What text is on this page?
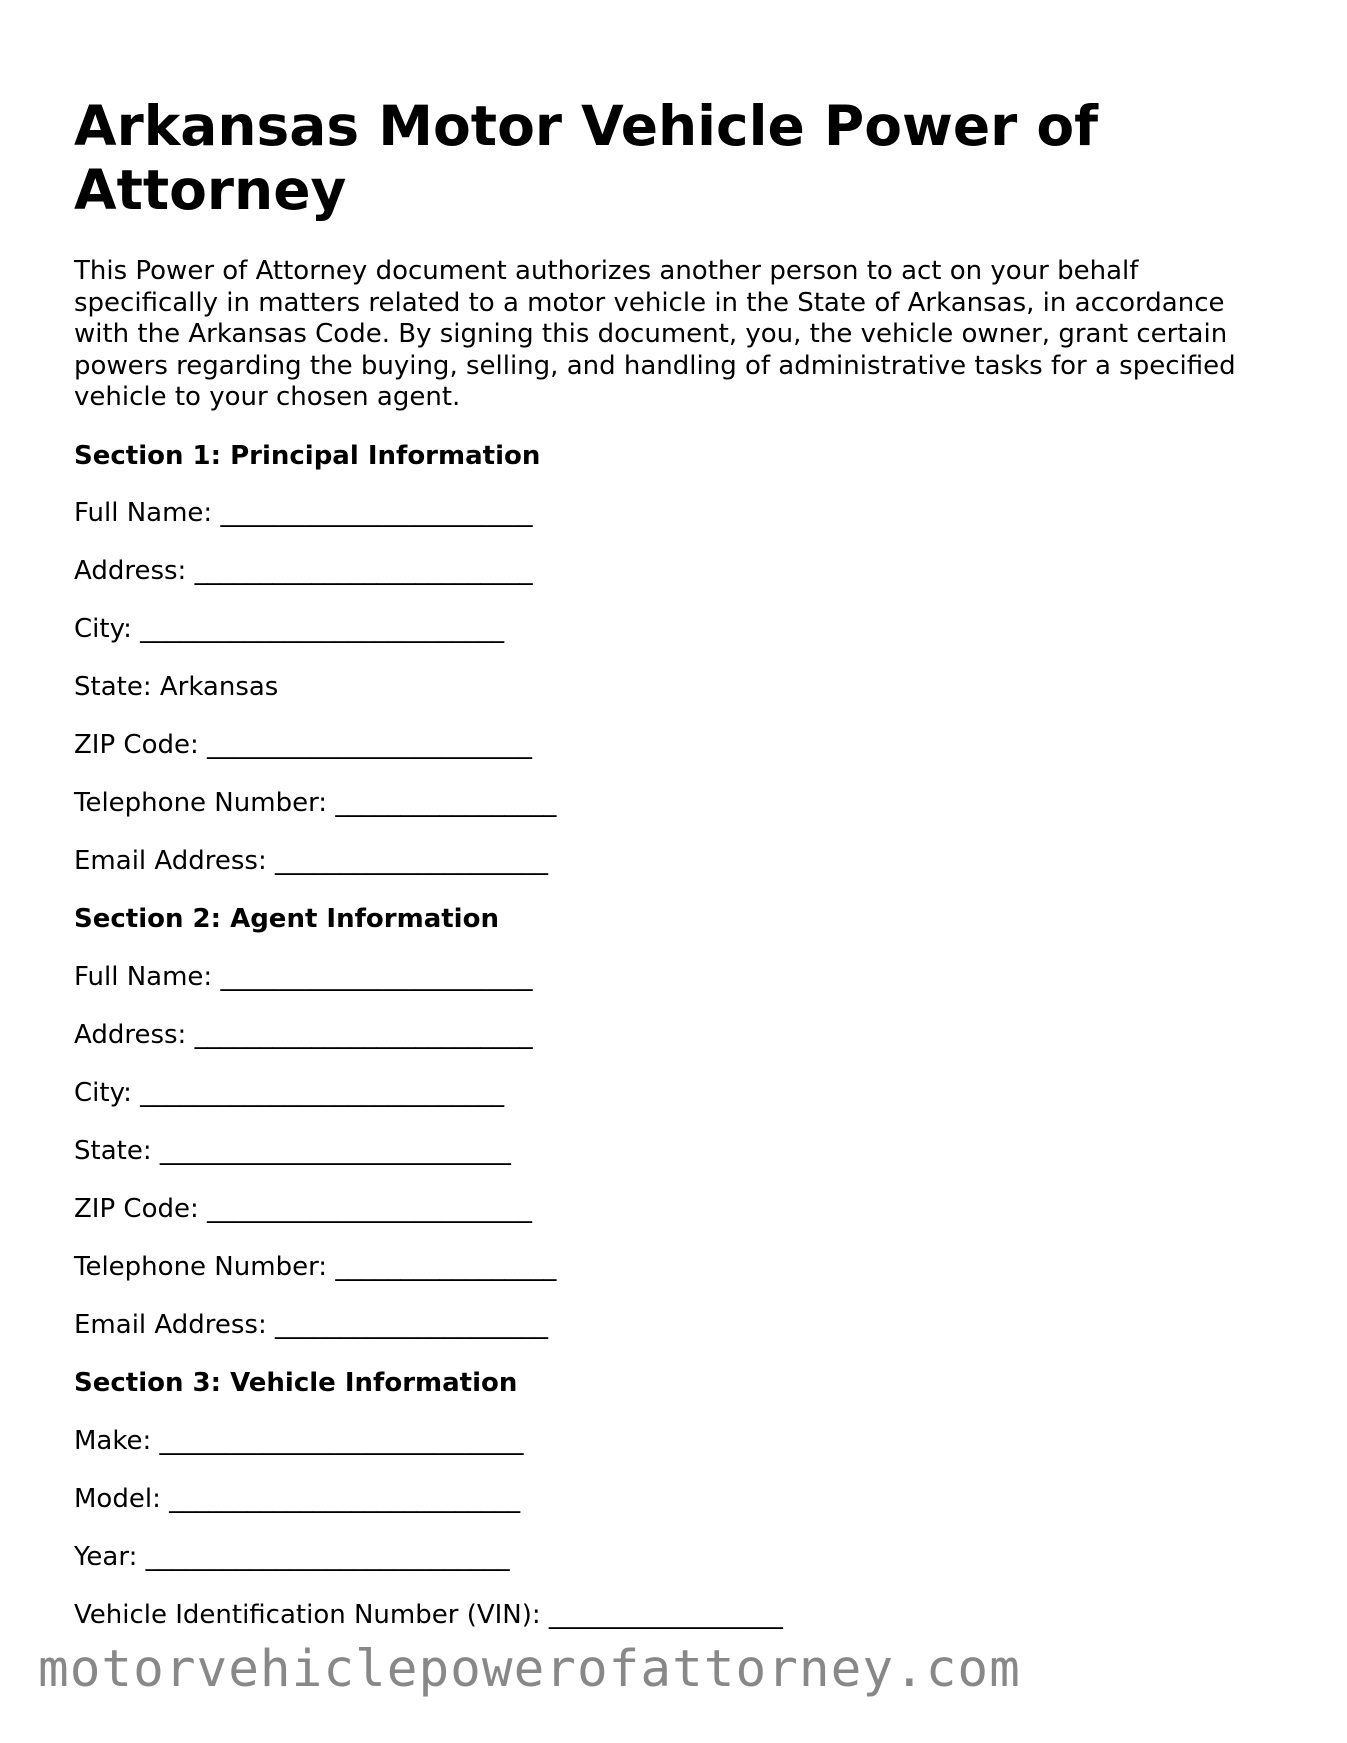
Arkansas Motor Vehicle Power of Attorney

This Power of Attorney document authorizes another person to act on your behalf specifically in matters related to a motor vehicle in the State of Arkansas, in accordance with the Arkansas Code. By signing this document, you, the vehicle owner, grant certain powers regarding the buying, selling, and handling of administrative tasks for a specified vehicle to your chosen agent.

Section 1: Principal Information
Full Name: ________________________
Address: __________________________
City: ____________________________
State: Arkansas
ZIP Code: _________________________
Telephone Number: _________________
Email Address: _____________________
Section 2: Agent Information
Full Name: ________________________
Address: __________________________
City: ____________________________
State: ___________________________
ZIP Code: _________________________
Telephone Number: _________________
Email Address: _____________________
Section 3: Vehicle Information
Make: ____________________________
Model: ___________________________
Year: ____________________________
Vehicle Identification Number (VIN): __________________
motorvehiclepowerofattorney.com
